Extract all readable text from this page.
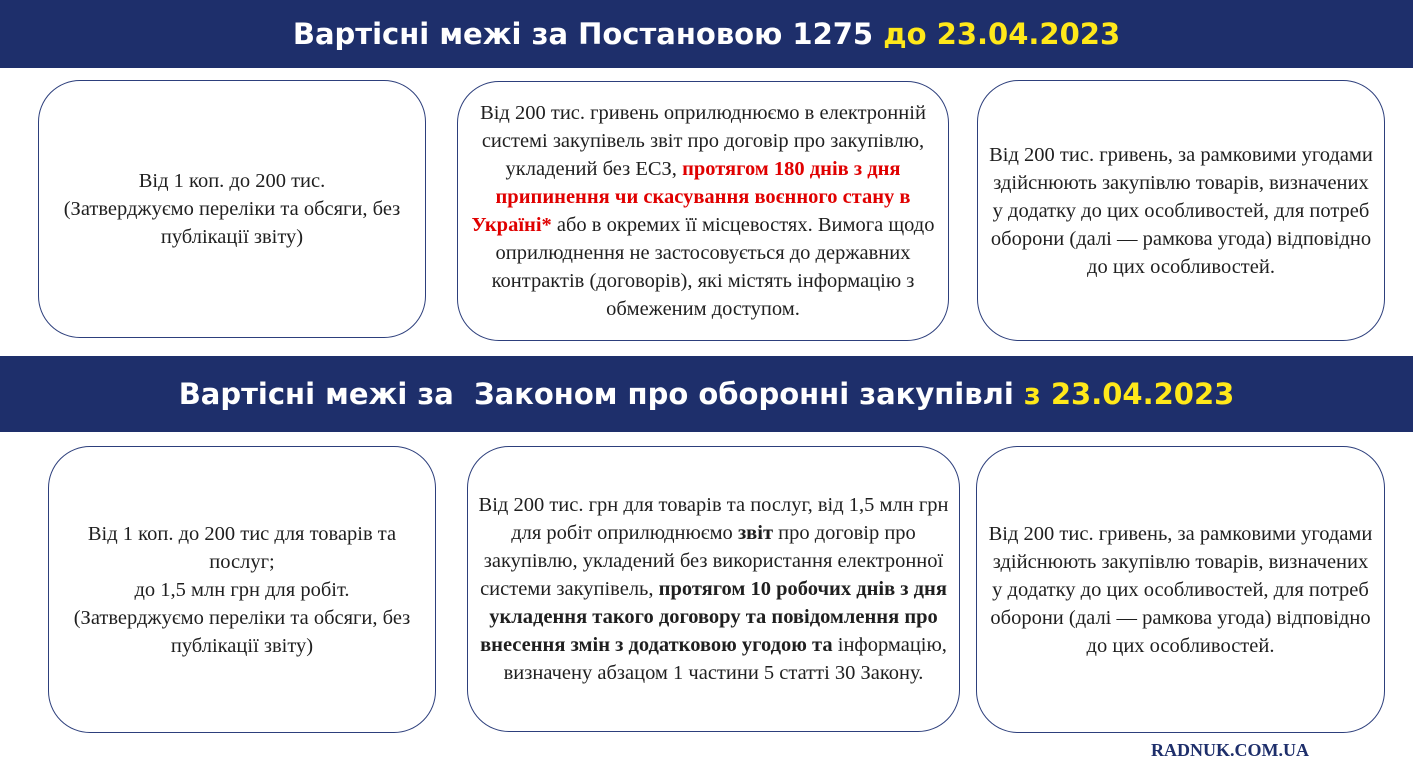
Вартісні межі за Постановою 1275 до 23.04.2023

Від 1 коп. до 200 тис.
(Затверджуємо переліки та обсяги, без публікації звіту)

Від 200 тис. гривень оприлюднюємо в електронній системі закупівель звіт про договір про закупівлю, укладений без ЕСЗ, протягом 180 днів з дня припинення чи скасування воєнного стану в Україні* або в окремих її місцевостях. Вимога щодо оприлюднення не застосовується до державних контрактів (договорів), які містять інформацію з обмеженим доступом.

Від 200 тис. гривень, за рамковими угодами здійснюють закупівлю товарів, визначених у додатку до цих особливостей, для потреб оборони (далі — рамкова угода) відповідно до цих особливостей.

Вартісні межі за  Законом про оборонні закупівлі з 23.04.2023

Від 1 коп. до 200 тис для товарів та послуг;
до 1,5 млн грн для робіт.
(Затверджуємо переліки та обсяги, без публікації звіту)

Від 200 тис. грн для товарів та послуг, від 1,5 млн грн для робіт оприлюднюємо звіт про договір про закупівлю, укладений без використання електронної системи закупівель, протягом 10 робочих днів з дня укладення такого договору та повідомлення про внесення змін з додатковою угодою та інформацію, визначену абзацом 1 частини 5 статті 30 Закону.

Від 200 тис. гривень, за рамковими угодами здійснюють закупівлю товарів, визначених у додатку до цих особливостей, для потреб оборони (далі — рамкова угода) відповідно до цих особливостей.

RADNUK.COM.UA
